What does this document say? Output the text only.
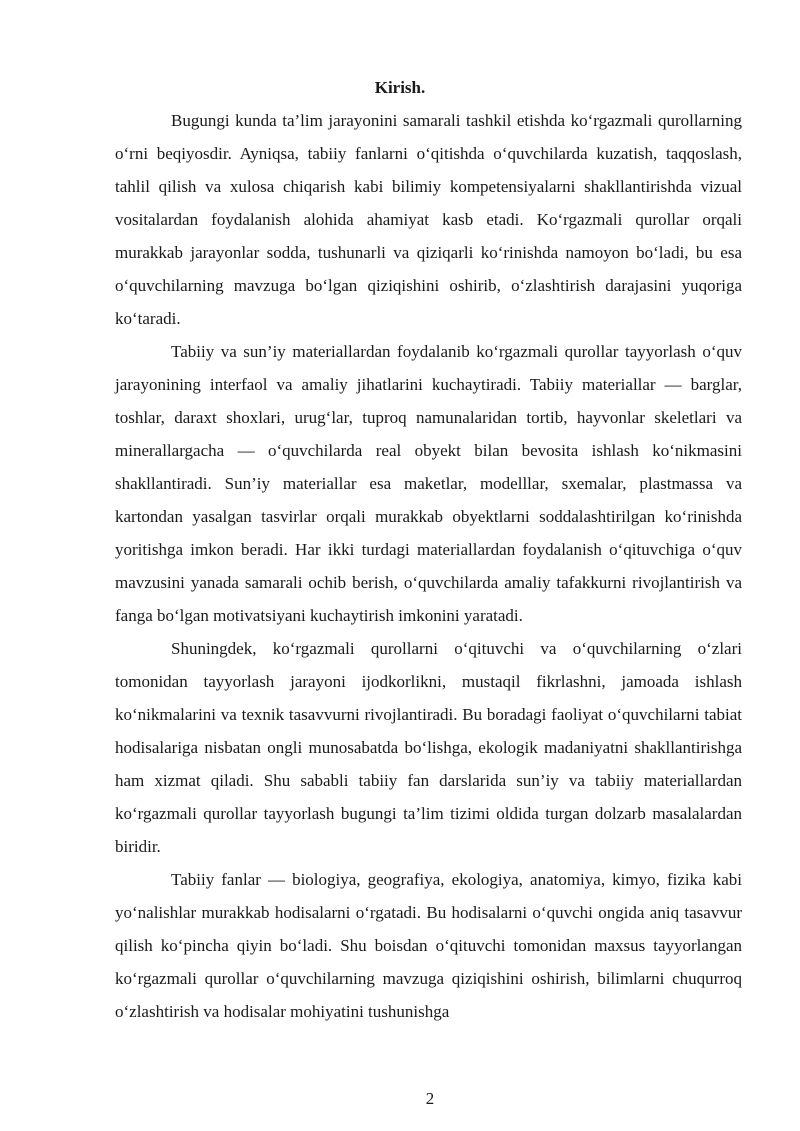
Kirish.

Bugungi kunda ta’lim jarayonini samarali tashkil etishda ko‘rgazmali qurollarning o‘rni beqiyosdir. Ayniqsa, tabiiy fanlarni o‘qitishda o‘quvchilarda kuzatish, taqqoslash, tahlil qilish va xulosa chiqarish kabi bilimiy kompetensiyalarni shakllantirishda vizual vositalardan foydalanish alohida ahamiyat kasb etadi. Ko‘rgazmali qurollar orqali murakkab jarayonlar sodda, tushunarli va qiziqarli ko‘rinishda namoyon bo‘ladi, bu esa o‘quvchilarning mavzuga bo‘lgan qiziqishini oshirib, o‘zlashtirish darajasini yuqoriga ko‘taradi.

Tabiiy va sun’iy materiallardan foydalanib ko‘rgazmali qurollar tayyorlash o‘quv jarayonining interfaol va amaliy jihatlarini kuchaytiradi. Tabiiy materiallar — barglar, toshlar, daraxt shoxlari, urug‘lar, tuproq namunalaridan tortib, hayvonlar skeletlari va minerallargacha — o‘quvchilarda real obyekt bilan bevosita ishlash ko‘nikmasini shakllantiradi. Sun’iy materiallar esa maketlar, modelllar, sxemalar, plastmassa va kartondan yasalgan tasvirlar orqali murakkab obyektlarni soddalashtirilgan ko‘rinishda yoritishga imkon beradi. Har ikki turdagi materiallardan foydalanish o‘qituvchiga o‘quv mavzusini yanada samarali ochib berish, o‘quvchilarda amaliy tafakkurni rivojlantirish va fanga bo‘lgan motivatsiyani kuchaytirish imkonini yaratadi.

Shuningdek, ko‘rgazmali qurollarni o‘qituvchi va o‘quvchilarning o‘zlari tomonidan tayyorlash jarayoni ijodkorlikni, mustaqil fikrlashni, jamoada ishlash ko‘nikmalarini va texnik tasavvurni rivojlantiradi. Bu boradagi faoliyat o‘quvchilarni tabiat hodisalariga nisbatan ongli munosabatda bo‘lishga, ekologik madaniyatni shakllantirishga ham xizmat qiladi. Shu sababli tabiiy fan darslarida sun’iy va tabiiy materiallardan ko‘rgazmali qurollar tayyorlash bugungi ta’lim tizimi oldida turgan dolzarb masalalardan biridir.

Tabiiy fanlar — biologiya, geografiya, ekologiya, anatomiya, kimyo, fizika kabi yo‘nalishlar murakkab hodisalarni o‘rgatadi. Bu hodisalarni o‘quvchi ongida aniq tasavvur qilish ko‘pincha qiyin bo‘ladi. Shu boisdan o‘qituvchi tomonidan maxsus tayyorlangan ko‘rgazmali qurollar o‘quvchilarning mavzuga qiziqishini oshirish, bilimlarni chuqurroq o‘zlashtirish va hodisalar mohiyatini tushunishga

2
